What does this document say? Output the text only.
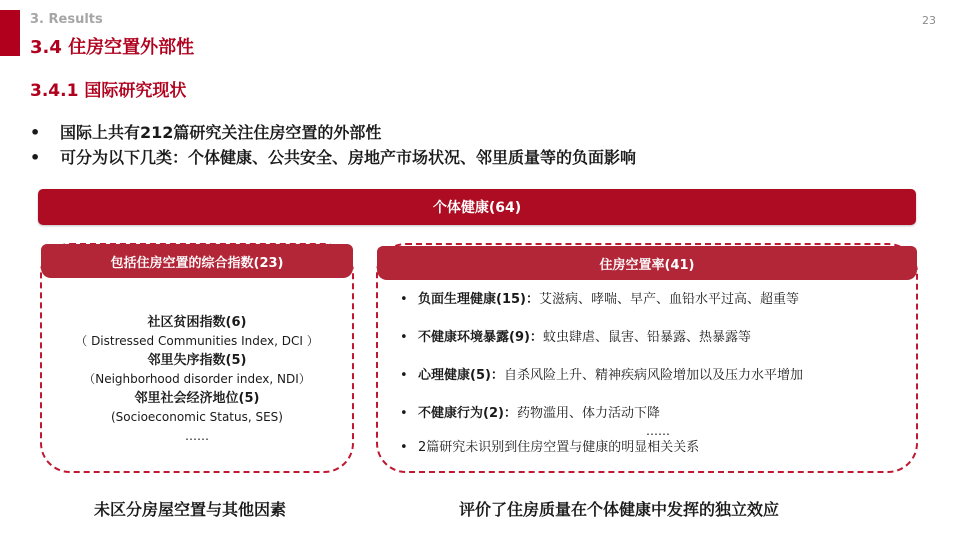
3. Results
3.4 住房空置外部性
23
3.4.1 国际研究现状
• 国际上共有212篇研究关注住房空置的外部性
• 可分为以下几类：个体健康、公共安全、房地产市场状况、邻里质量等的负面影响
个体健康(64)
包括住房空置的综合指数(23)
社区贫困指数(6)
（ Distressed Communities Index, DCI ）
邻里失序指数(5)
（Neighborhood disorder index, NDI）
邻里社会经济地位(5)
(Socioeconomic Status, SES)
……
住房空置率(41)
• 负面生理健康(15)：艾滋病、哮喘、早产、血铅水平过高、超重等
• 不健康环境暴露(9)：蚊虫肆虐、鼠害、铅暴露、热暴露等
• 心理健康(5)：自杀风险上升、精神疾病风险增加以及压力水平增加
• 不健康行为(2)：药物滥用、体力活动下降
……
• 2篇研究未识别到住房空置与健康的明显相关关系
未区分房屋空置与其他因素	评价了住房质量在个体健康中发挥的独立效应
